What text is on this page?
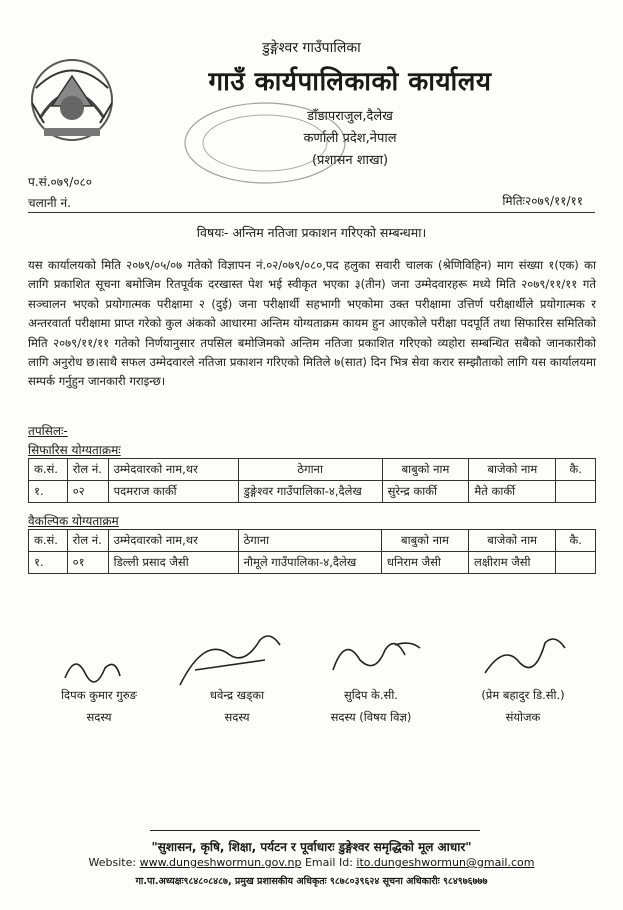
डुङ्गेश्वर गाउँपालिका
गाउँ कार्यपालिकाको कार्यालय
डाँडापराजुल,दैलेख
कर्णाली प्रदेश,नेपाल
(प्रशासन शाखा)
प.सं.०७९/०८०
चलानी नं.	मितिः२०७९/११/११
विषयः- अन्तिम नतिजा प्रकाशन गरिएको सम्बन्धमा।
यस कार्यालयको मिति २०७९/०५/०७ गतेको विज्ञापन नं.०२/०७९/०८०,पद हलुका सवारी चालक (श्रेणिविहिन) माग संख्या १(एक) का लागि प्रकाशित सूचना बमोजिम रितपूर्वक दरखास्त पेश भई स्वीकृत भएका ३(तीन) जना उम्मेदवारहरू मध्ये मिति २०७९/११/११ गते सञ्चालन भएको प्रयोगात्मक परीक्षामा २ (दुई) जना परीक्षार्थी सहभागी भएकोमा उक्त परीक्षामा उत्तिर्ण परीक्षार्थीले प्रयोगात्मक र अन्तरवार्ता परीक्षामा प्राप्त गरेको कुल अंकको आधारमा अन्तिम योग्यताक्रम कायम हुन आएकोले परीक्षा पदपूर्ति तथा सिफारिस समितिको मिति २०७९/११/११ गतेको निर्णयानुसार तपसिल बमोजिमको अन्तिम नतिजा प्रकाशित गरिएको व्यहोरा सम्बन्धित सबैको जानकारीको लागि अनुरोध छ।साथै सफल उम्मेदवारले नतिजा प्रकाशन गरिएको मितिले ७(सात) दिन भित्र सेवा करार सम्झौताको लागि यस कार्यालयमा सम्पर्क गर्नुहुन जानकारी गराइन्छ।
तपसिलः-
सिफारिस योग्यताक्रमः
क.सं.	रोल नं.	उम्मेदवारको नाम,थर	ठेगाना	बाबुको नाम	बाजेको नाम	कै.
१.	०२	पदमराज कार्की	डुङ्गेश्वर गाउँपालिका-४,दैलेख	सुरेन्द्र कार्की	मैते कार्की	
वैकल्पिक योग्यताक्रम
क.सं.	रोल नं.	उम्मेदवारको नाम,थर	ठेगाना	बाबुको नाम	बाजेको नाम	कै.
१.	०१	डिल्ली प्रसाद जैसी	नौमूले गाउँपालिका-४,दैलेख	धनिराम जैसी	लक्षीराम जैसी	
दिपक कुमार गुरुङ
सदस्य
धवेन्द्र खड्का
सदस्य
सुदिप के.सी.
सदस्य (विषय विज्ञ)
(प्रेम बहादुर डि.सी.)
संयोजक
"सुशासन, कृषि, शिक्षा, पर्यटन र पूर्वाधारः डुङ्गेश्वर समृद्धिको मूल आधार"
Website: www.dungeshwormun.gov.np Email Id: ito.dungeshwormun@gmail.com
गा.पा.अध्यक्षः९८४८०८४८७, प्रमुख प्रशासकीय अधिकृतः ९८७८०३९६२४ सूचना अधिकारीः ९८४९७६७७७
